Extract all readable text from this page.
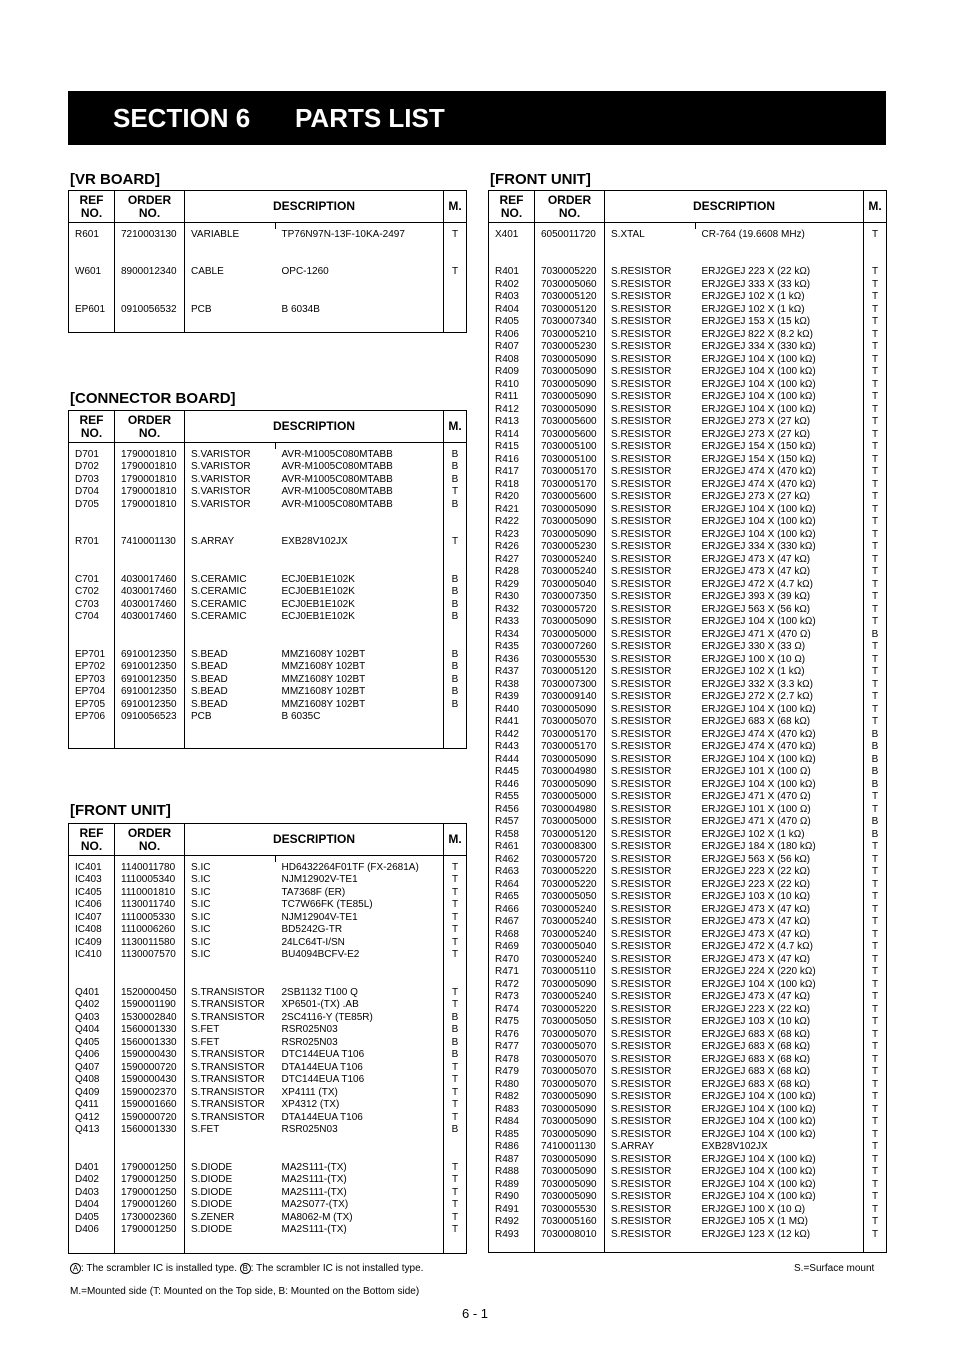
SECTION 6 PARTS LIST
[VR BOARD]
REF NO.	ORDER NO.	DESCRIPTION		M.

R601	7210003130	VARIABLE	TP76N97N-13F-10KA-2497	T

W601	8900012340	CABLE	OPC-1260	T

EP601	0910056532	PCB	B 6034B	

[CONNECTOR BOARD]
REF NO.	ORDER NO.	DESCRIPTION		M.

D701	1790001810	S.VARISTOR	AVR-M1005C080MTABB	B
D702	1790001810	S.VARISTOR	AVR-M1005C080MTABB	B
D703	1790001810	S.VARISTOR	AVR-M1005C080MTABB	B
D704	1790001810	S.VARISTOR	AVR-M1005C080MTABB	T
D705	1790001810	S.VARISTOR	AVR-M1005C080MTABB	B

R701	7410001130	S.ARRAY	EXB28V102JX	T

C701	4030017460	S.CERAMIC	ECJ0EB1E102K	B
C702	4030017460	S.CERAMIC	ECJ0EB1E102K	B
C703	4030017460	S.CERAMIC	ECJ0EB1E102K	B
C704	4030017460	S.CERAMIC	ECJ0EB1E102K	B

EP701	6910012350	S.BEAD	MMZ1608Y 102BT	B
EP702	6910012350	S.BEAD	MMZ1608Y 102BT	B
EP703	6910012350	S.BEAD	MMZ1608Y 102BT	B
EP704	6910012350	S.BEAD	MMZ1608Y 102BT	B
EP705	6910012350	S.BEAD	MMZ1608Y 102BT	B
EP706	0910056523	PCB	B 6035C	

[FRONT UNIT]
REF NO.	ORDER NO.	DESCRIPTION		M.

IC401	1140011780	S.IC	HD6432264F01TF (FX-2681A)	T
IC403	1110005340	S.IC	NJM12902V-TE1	T
IC405	1110001810	S.IC	TA7368F (ER)	T
IC406	1130011740	S.IC	TC7W66FK (TE85L)	T
IC407	1110005330	S.IC	NJM12904V-TE1	T
IC408	1110006260	S.IC	BD5242G-TR	T
IC409	1130011580	S.IC	24LC64T-I/SN	T
IC410	1130007570	S.IC	BU4094BCFV-E2	T

Q401	1520000450	S.TRANSISTOR	2SB1132 T100 Q	T
Q402	1590001190	S.TRANSISTOR	XP6501-(TX) .AB	T
Q403	1530002840	S.TRANSISTOR	2SC4116-Y (TE85R)	B
Q404	1560001330	S.FET	RSR025N03	B
Q405	1560001330	S.FET	RSR025N03	B
Q406	1590000430	S.TRANSISTOR	DTC144EUA T106	B
Q407	1590000720	S.TRANSISTOR	DTA144EUA T106	T
Q408	1590000430	S.TRANSISTOR	DTC144EUA T106	T
Q409	1590002370	S.TRANSISTOR	XP4111 (TX)	T
Q411	1590001660	S.TRANSISTOR	XP4312 (TX)	T
Q412	1590000720	S.TRANSISTOR	DTA144EUA T106	T
Q413	1560001330	S.FET	RSR025N03	B

D401	1790001250	S.DIODE	MA2S111-(TX)	T
D402	1790001250	S.DIODE	MA2S111-(TX)	T
D403	1790001250	S.DIODE	MA2S111-(TX)	T
D404	1790001260	S.DIODE	MA2S077-(TX)	T
D405	1730002360	S.ZENER	MA8062-M (TX)	T
D406	1790001250	S.DIODE	MA2S111-(TX)	T

[FRONT UNIT]
REF NO.	ORDER NO.	DESCRIPTION		M.

X401	6050011720	S.XTAL	CR-764 (19.6608 MHz)	T

R401	7030005220	S.RESISTOR	ERJ2GEJ 223 X (22 kΩ)	T
R402	7030005060	S.RESISTOR	ERJ2GEJ 333 X (33 kΩ)	T
R403	7030005120	S.RESISTOR	ERJ2GEJ 102 X (1 kΩ)	T
R404	7030005120	S.RESISTOR	ERJ2GEJ 102 X (1 kΩ)	T
R405	7030007340	S.RESISTOR	ERJ2GEJ 153 X (15 kΩ)	T
R406	7030005210	S.RESISTOR	ERJ2GEJ 822 X (8.2 kΩ)	T
R407	7030005230	S.RESISTOR	ERJ2GEJ 334 X (330 kΩ)	T
R408	7030005090	S.RESISTOR	ERJ2GEJ 104 X (100 kΩ)	T
R409	7030005090	S.RESISTOR	ERJ2GEJ 104 X (100 kΩ)	T
R410	7030005090	S.RESISTOR	ERJ2GEJ 104 X (100 kΩ)	T
R411	7030005090	S.RESISTOR	ERJ2GEJ 104 X (100 kΩ)	T
R412	7030005090	S.RESISTOR	ERJ2GEJ 104 X (100 kΩ)	T
R413	7030005600	S.RESISTOR	ERJ2GEJ 273 X (27 kΩ)	T
R414	7030005600	S.RESISTOR	ERJ2GEJ 273 X (27 kΩ)	T
R415	7030005100	S.RESISTOR	ERJ2GEJ 154 X (150 kΩ)	T
R416	7030005100	S.RESISTOR	ERJ2GEJ 154 X (150 kΩ)	T
R417	7030005170	S.RESISTOR	ERJ2GEJ 474 X (470 kΩ)	T
R418	7030005170	S.RESISTOR	ERJ2GEJ 474 X (470 kΩ)	T
R420	7030005600	S.RESISTOR	ERJ2GEJ 273 X (27 kΩ)	T
R421	7030005090	S.RESISTOR	ERJ2GEJ 104 X (100 kΩ)	T
R422	7030005090	S.RESISTOR	ERJ2GEJ 104 X (100 kΩ)	T
R423	7030005090	S.RESISTOR	ERJ2GEJ 104 X (100 kΩ)	T
R426	7030005230	S.RESISTOR	ERJ2GEJ 334 X (330 kΩ)	T
R427	7030005240	S.RESISTOR	ERJ2GEJ 473 X (47 kΩ)	T
R428	7030005240	S.RESISTOR	ERJ2GEJ 473 X (47 kΩ)	T
R429	7030005040	S.RESISTOR	ERJ2GEJ 472 X (4.7 kΩ)	T
R430	7030007350	S.RESISTOR	ERJ2GEJ 393 X (39 kΩ)	T
R432	7030005720	S.RESISTOR	ERJ2GEJ 563 X (56 kΩ)	T
R433	7030005090	S.RESISTOR	ERJ2GEJ 104 X (100 kΩ)	T
R434	7030005000	S.RESISTOR	ERJ2GEJ 471 X (470 Ω)	B
R435	7030007260	S.RESISTOR	ERJ2GEJ 330 X (33 Ω)	T
R436	7030005530	S.RESISTOR	ERJ2GEJ 100 X (10 Ω)	T
R437	7030005120	S.RESISTOR	ERJ2GEJ 102 X (1 kΩ)	T
R438	7030007300	S.RESISTOR	ERJ2GEJ 332 X (3.3 kΩ)	T
R439	7030009140	S.RESISTOR	ERJ2GEJ 272 X (2.7 kΩ)	T
R440	7030005090	S.RESISTOR	ERJ2GEJ 104 X (100 kΩ)	T
R441	7030005070	S.RESISTOR	ERJ2GEJ 683 X (68 kΩ)	T
R442	7030005170	S.RESISTOR	ERJ2GEJ 474 X (470 kΩ)	B
R443	7030005170	S.RESISTOR	ERJ2GEJ 474 X (470 kΩ)	B
R444	7030005090	S.RESISTOR	ERJ2GEJ 104 X (100 kΩ)	B
R445	7030004980	S.RESISTOR	ERJ2GEJ 101 X (100 Ω)	B
R446	7030005090	S.RESISTOR	ERJ2GEJ 104 X (100 kΩ)	B
R455	7030005000	S.RESISTOR	ERJ2GEJ 471 X (470 Ω)	T
R456	7030004980	S.RESISTOR	ERJ2GEJ 101 X (100 Ω)	T
R457	7030005000	S.RESISTOR	ERJ2GEJ 471 X (470 Ω)	B
R458	7030005120	S.RESISTOR	ERJ2GEJ 102 X (1 kΩ)	B
R461	7030008300	S.RESISTOR	ERJ2GEJ 184 X (180 kΩ)	T
R462	7030005720	S.RESISTOR	ERJ2GEJ 563 X (56 kΩ)	T
R463	7030005220	S.RESISTOR	ERJ2GEJ 223 X (22 kΩ)	T
R464	7030005220	S.RESISTOR	ERJ2GEJ 223 X (22 kΩ)	T
R465	7030005050	S.RESISTOR	ERJ2GEJ 103 X (10 kΩ)	T
R466	7030005240	S.RESISTOR	ERJ2GEJ 473 X (47 kΩ)	T
R467	7030005240	S.RESISTOR	ERJ2GEJ 473 X (47 kΩ)	T
R468	7030005240	S.RESISTOR	ERJ2GEJ 473 X (47 kΩ)	T
R469	7030005040	S.RESISTOR	ERJ2GEJ 472 X (4.7 kΩ)	T
R470	7030005240	S.RESISTOR	ERJ2GEJ 473 X (47 kΩ)	T
R471	7030005110	S.RESISTOR	ERJ2GEJ 224 X (220 kΩ)	T
R472	7030005090	S.RESISTOR	ERJ2GEJ 104 X (100 kΩ)	T
R473	7030005240	S.RESISTOR	ERJ2GEJ 473 X (47 kΩ)	T
R474	7030005220	S.RESISTOR	ERJ2GEJ 223 X (22 kΩ)	T
R475	7030005050	S.RESISTOR	ERJ2GEJ 103 X (10 kΩ)	T
R476	7030005070	S.RESISTOR	ERJ2GEJ 683 X (68 kΩ)	T
R477	7030005070	S.RESISTOR	ERJ2GEJ 683 X (68 kΩ)	T
R478	7030005070	S.RESISTOR	ERJ2GEJ 683 X (68 kΩ)	T
R479	7030005070	S.RESISTOR	ERJ2GEJ 683 X (68 kΩ)	T
R480	7030005070	S.RESISTOR	ERJ2GEJ 683 X (68 kΩ)	T
R482	7030005090	S.RESISTOR	ERJ2GEJ 104 X (100 kΩ)	T
R483	7030005090	S.RESISTOR	ERJ2GEJ 104 X (100 kΩ)	T
R484	7030005090	S.RESISTOR	ERJ2GEJ 104 X (100 kΩ)	T
R485	7030005090	S.RESISTOR	ERJ2GEJ 104 X (100 kΩ)	T
R486	7410001130	S.ARRAY	EXB28V102JX	T
R487	7030005090	S.RESISTOR	ERJ2GEJ 104 X (100 kΩ)	T
R488	7030005090	S.RESISTOR	ERJ2GEJ 104 X (100 kΩ)	T
R489	7030005090	S.RESISTOR	ERJ2GEJ 104 X (100 kΩ)	T
R490	7030005090	S.RESISTOR	ERJ2GEJ 104 X (100 kΩ)	T
R491	7030005530	S.RESISTOR	ERJ2GEJ 100 X (10 Ω)	T
R492	7030005160	S.RESISTOR	ERJ2GEJ 105 X (1 MΩ)	T
R493	7030008010	S.RESISTOR	ERJ2GEJ 123 X (12 kΩ)	T

A : The scrambler IC is installed type. B : The scrambler IC is not installed type.
M.=Mounted side (T: Mounted on the Top side, B: Mounted on the Bottom side)
S.=Surface mount
6 - 1
